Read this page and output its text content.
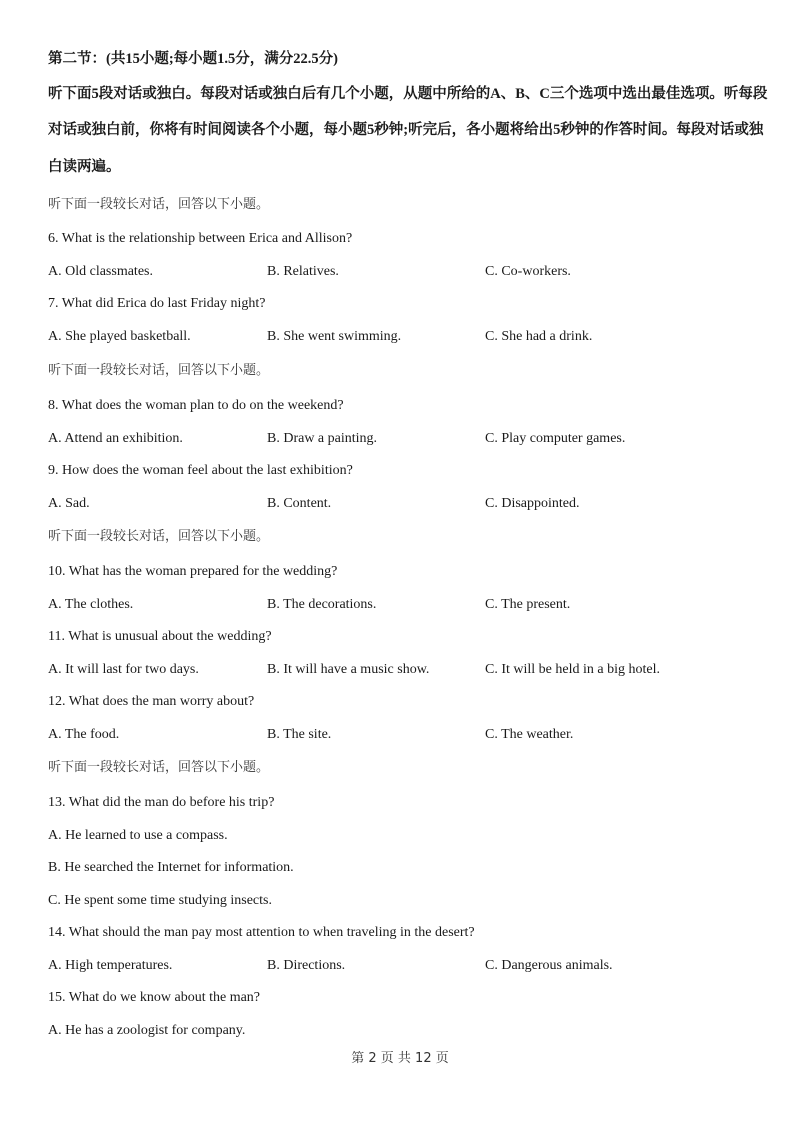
第二节：(共15小题;每小题1.5分，满分22.5分)
听下面5段对话或独白。每段对话或独白后有几个小题，从题中所给的A、B、C三个选项中选出最佳选项。听每段
对话或独白前，你将有时间阅读各个小题，每小题5秒钟;听完后，各小题将给出5秒钟的作答时间。每段对话或独
白读两遍。
听下面一段较长对话，回答以下小题。
6. What is the relationship between Erica and Allison?
A. Old classmates.	B. Relatives.	C. Co-workers.
7. What did Erica do last Friday night?
A. She played basketball.	B. She went swimming.	C. She had a drink.
听下面一段较长对话，回答以下小题。
8. What does the woman plan to do on the weekend?
A. Attend an exhibition.	B. Draw a painting.	C. Play computer games.
9. How does the woman feel about the last exhibition?
A. Sad.	B. Content.	C. Disappointed.
听下面一段较长对话，回答以下小题。
10. What has the woman prepared for the wedding?
A. The clothes.	B. The decorations.	C. The present.
11. What is unusual about the wedding?
A. It will last for two days.	B. It will have a music show.	C. It will be held in a big hotel.
12. What does the man worry about?
A. The food.	B. The site.	C. The weather.
听下面一段较长对话，回答以下小题。
13. What did the man do before his trip?
A. He learned to use a compass.
B. He searched the Internet for information.
C. He spent some time studying insects.
14. What should the man pay most attention to when traveling in the desert?
A. High temperatures.	B. Directions.	C. Dangerous animals.
15. What do we know about the man?
A. He has a zoologist for company.
第 2 页 共 12 页
